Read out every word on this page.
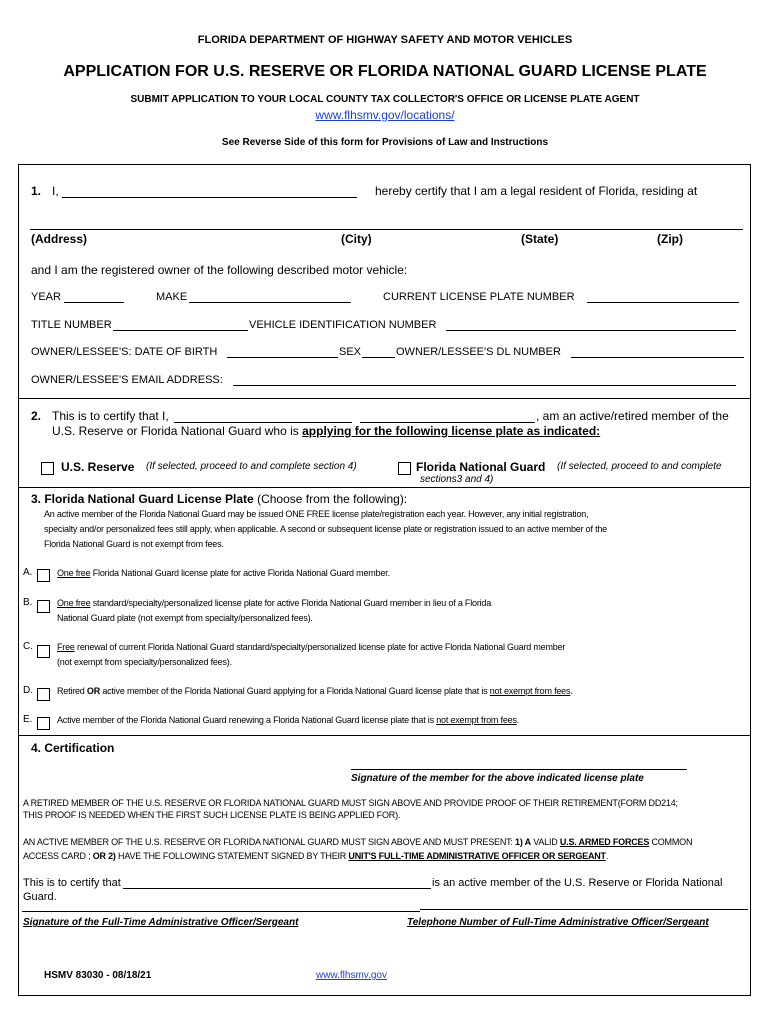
FLORIDA DEPARTMENT OF HIGHWAY SAFETY AND MOTOR VEHICLES
APPLICATION FOR U.S. RESERVE OR FLORIDA NATIONAL GUARD LICENSE PLATE
SUBMIT APPLICATION TO YOUR LOCAL COUNTY TAX COLLECTOR'S OFFICE OR LICENSE PLATE AGENT
www.flhsmv.gov/locations/
See Reverse Side of this form for Provisions of Law and Instructions
1. I,	hereby certify that I am a legal resident of Florida, residing at
(Address)	(City)	(State)	(Zip)
and I am the registered owner of the following described motor vehicle:
YEAR	MAKE	CURRENT LICENSE PLATE NUMBER
TITLE NUMBER	VEHICLE IDENTIFICATION NUMBER
OWNER/LESSEE'S: DATE OF BIRTH	SEX	OWNER/LESSEE'S DL NUMBER
OWNER/LESSEE'S EMAIL ADDRESS:
2. This is to certify that I,	, am an active/retired member of the
U.S. Reserve or Florida National Guard who is applying for the following license plate as indicated:
U.S. Reserve (If selected, proceed to and complete section 4)	Florida National Guard (If selected, proceed to and complete
sections3 and 4)
3. Florida National Guard License Plate (Choose from the following):
An active member of the Florida National Guard may be issued ONE FREE license plate/registration each year. However, any initial registration,
specialty and/or personalized fees still apply, when applicable. A second or subsequent license plate or registration issued to an active member of the
Florida National Guard is not exempt from fees.
A.	One free Florida National Guard license plate for active Florida National Guard member.
B.	One free standard/specialty/personalized license plate for active Florida National Guard member in lieu of a Florida
National Guard plate (not exempt from specialty/personalized fees).
C.	Free renewal of current Florida National Guard standard/specialty/personalized license plate for active Florida National Guard member
(not exempt from specialty/personalized fees).
D.	Retired OR active member of the Florida National Guard applying for a Florida National Guard license plate that is not exempt from fees.
E.	Active member of the Florida National Guard renewing a Florida National Guard license plate that is not exempt from fees.
4. Certification
Signature of the member for the above indicated license plate
A RETIRED MEMBER OF THE U.S. RESERVE OR FLORIDA NATIONAL GUARD MUST SIGN ABOVE AND PROVIDE PROOF OF THEIR RETIREMENT(FORM DD214;
THIS PROOF IS NEEDED WHEN THE FIRST SUCH LICENSE PLATE IS BEING APPLIED FOR).
AN ACTIVE MEMBER OF THE U.S. RESERVE OR FLORIDA NATIONAL GUARD MUST SIGN ABOVE AND MUST PRESENT: 1) A VALID U.S. ARMED FORCES COMMON
ACCESS CARD ; OR 2) HAVE THE FOLLOWING STATEMENT SIGNED BY THEIR UNIT'S FULL-TIME ADMINISTRATIVE OFFICER OR SERGEANT.
This is to certify that	is an active member of the U.S. Reserve or Florida National
Guard.
Signature of the Full-Time Administrative Officer/Sergeant	Telephone Number of Full-Time Administrative Officer/Sergeant
HSMV 83030 - 08/18/21	www.flhsmv.gov
